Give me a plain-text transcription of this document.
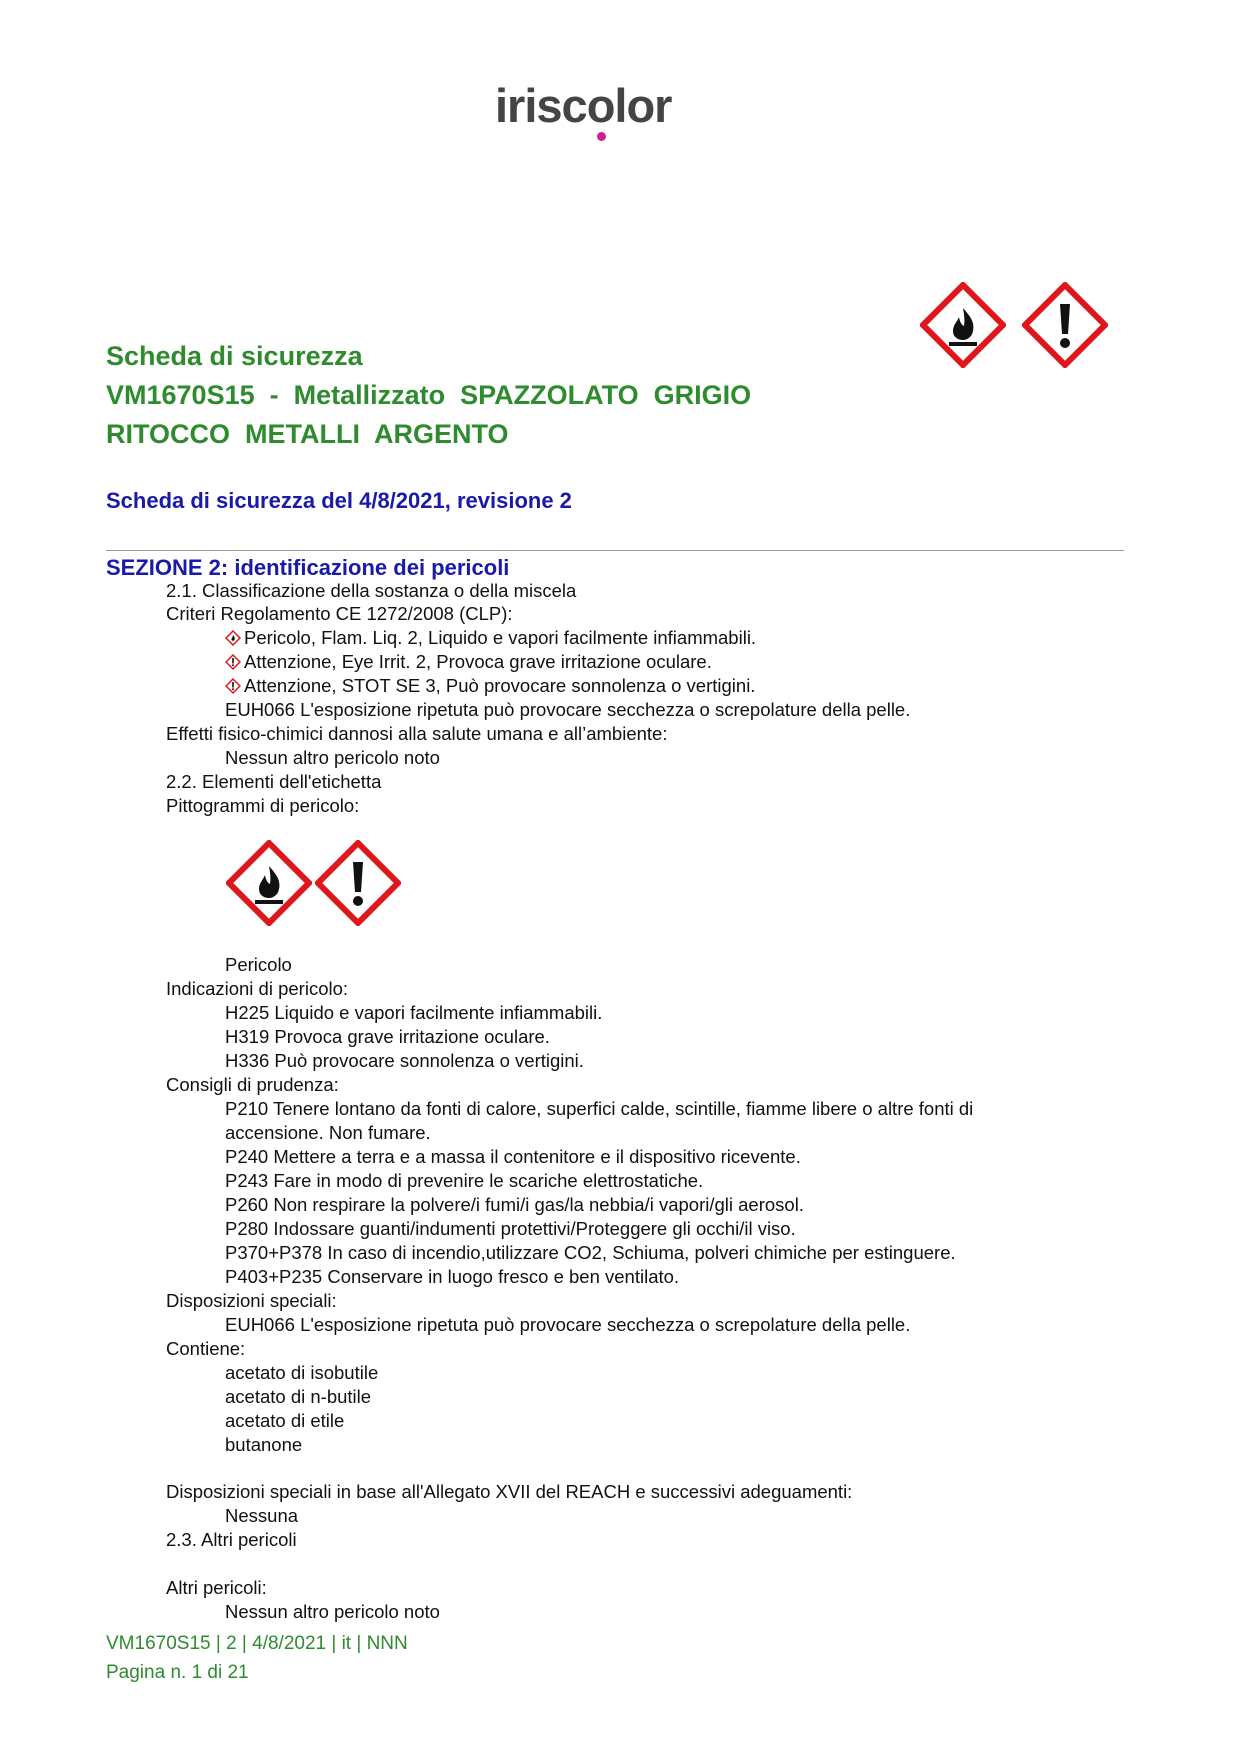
irisco
lor
Scheda di sicurezza
VM1670S15  -  Metallizzato  SPAZZOLATO  GRIGIO
RITOCCO  METALLI  ARGENTO
Scheda di sicurezza del 4/8/2021, revisione 2
SEZIONE 2: identificazione dei pericoli
2.1. Classificazione della sostanza o della miscela
Criteri Regolamento CE 1272/2008 (CLP):
Pericolo, Flam. Liq. 2, Liquido e vapori facilmente infiammabili.
Attenzione, Eye Irrit. 2, Provoca grave irritazione oculare.
Attenzione, STOT SE 3, Può provocare sonnolenza o vertigini.
EUH066 L'esposizione ripetuta può provocare secchezza o screpolature della pelle.
Effetti fisico-chimici dannosi alla salute umana e all’ambiente:
Nessun altro pericolo noto
2.2. Elementi dell'etichetta
Pittogrammi di pericolo:
Pericolo
Indicazioni di pericolo:
H225 Liquido e vapori facilmente infiammabili.
H319 Provoca grave irritazione oculare.
H336 Può provocare sonnolenza o vertigini.
Consigli di prudenza:
P210 Tenere lontano da fonti di calore, superfici calde, scintille, fiamme libere o altre fonti di
accensione. Non fumare.
P240 Mettere a terra e a massa il contenitore e il dispositivo ricevente.
P243 Fare in modo di prevenire le scariche elettrostatiche.
P260 Non respirare la polvere/i fumi/i gas/la nebbia/i vapori/gli aerosol.
P280 Indossare guanti/indumenti protettivi/Proteggere gli occhi/il viso.
P370+P378 In caso di incendio,utilizzare CO2, Schiuma, polveri chimiche per estinguere.
P403+P235 Conservare in luogo fresco e ben ventilato.
Disposizioni speciali:
EUH066 L'esposizione ripetuta può provocare secchezza o screpolature della pelle.
Contiene:
acetato di isobutile
acetato di n-butile
acetato di etile
butanone
Disposizioni speciali in base all'Allegato XVII del REACH e successivi adeguamenti:
Nessuna
2.3. Altri pericoli
Altri pericoli:
Nessun altro pericolo noto
VM1670S15 | 2 | 4/8/2021 | it | NNN
Pagina n. 1 di 21
